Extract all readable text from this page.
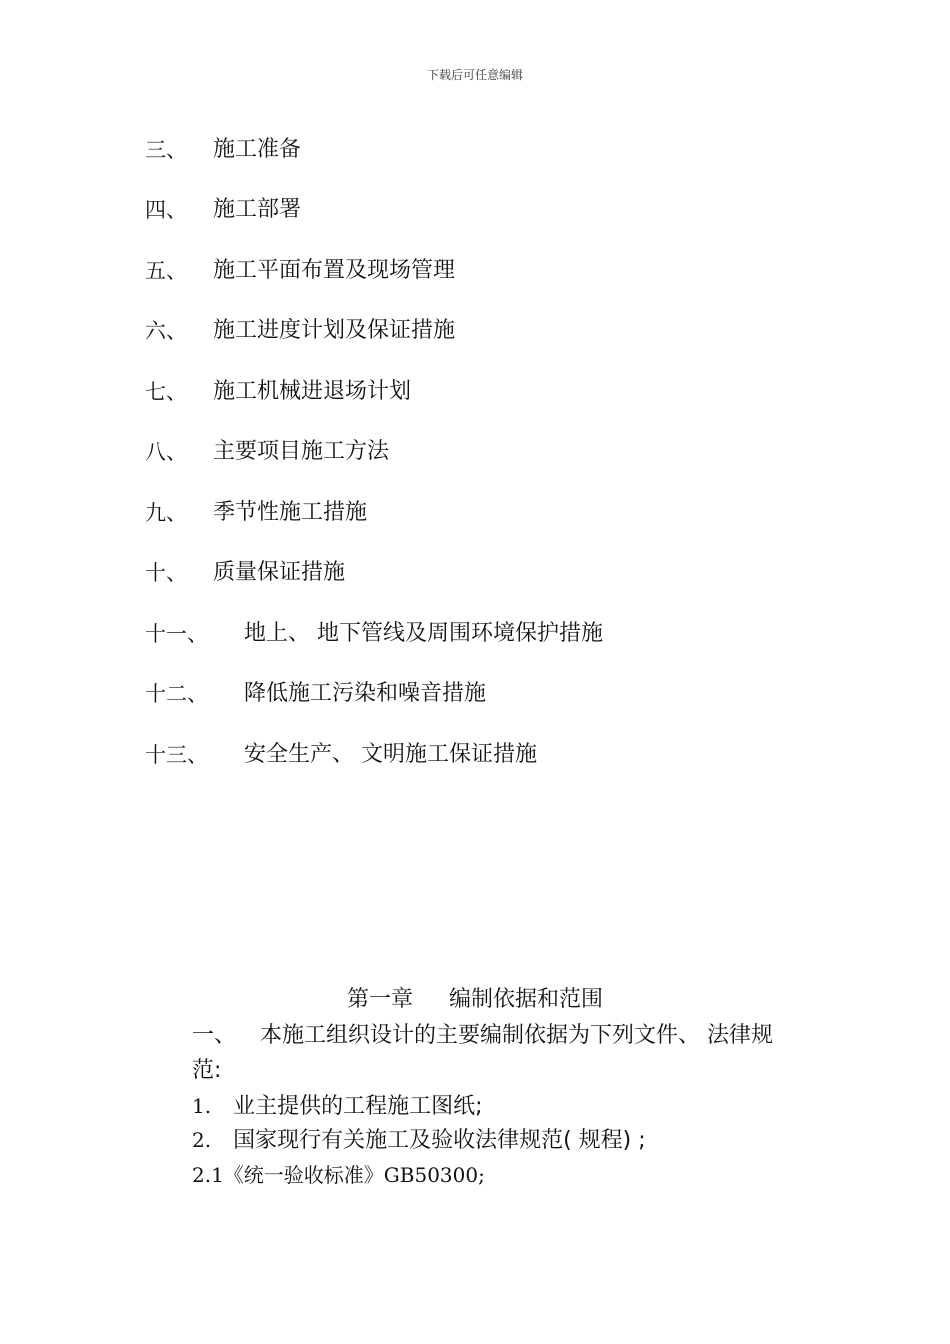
下载后可任意编辑
三、 施工准备
四、 施工部署
五、 施工平面布置及现场管理
六、 施工进度计划及保证措施
七、 施工机械进退场计划
八、 主要项目施工方法
九、 季节性施工措施
十、 质量保证措施
十一、 地上、 地下管线及周围环境保护措施
十二、 降低施工污染和噪音措施
十三、 安全生产、 文明施工保证措施
第一章 编制依据和范围
一、 本施工组织设计的主要编制依据为下列文件、 法律规
范:
1. 业主提供的工程施工图纸;
2. 国家现行有关施工及验收法律规范( 规程) ;
2.1《统一验收标准》GB50300;
